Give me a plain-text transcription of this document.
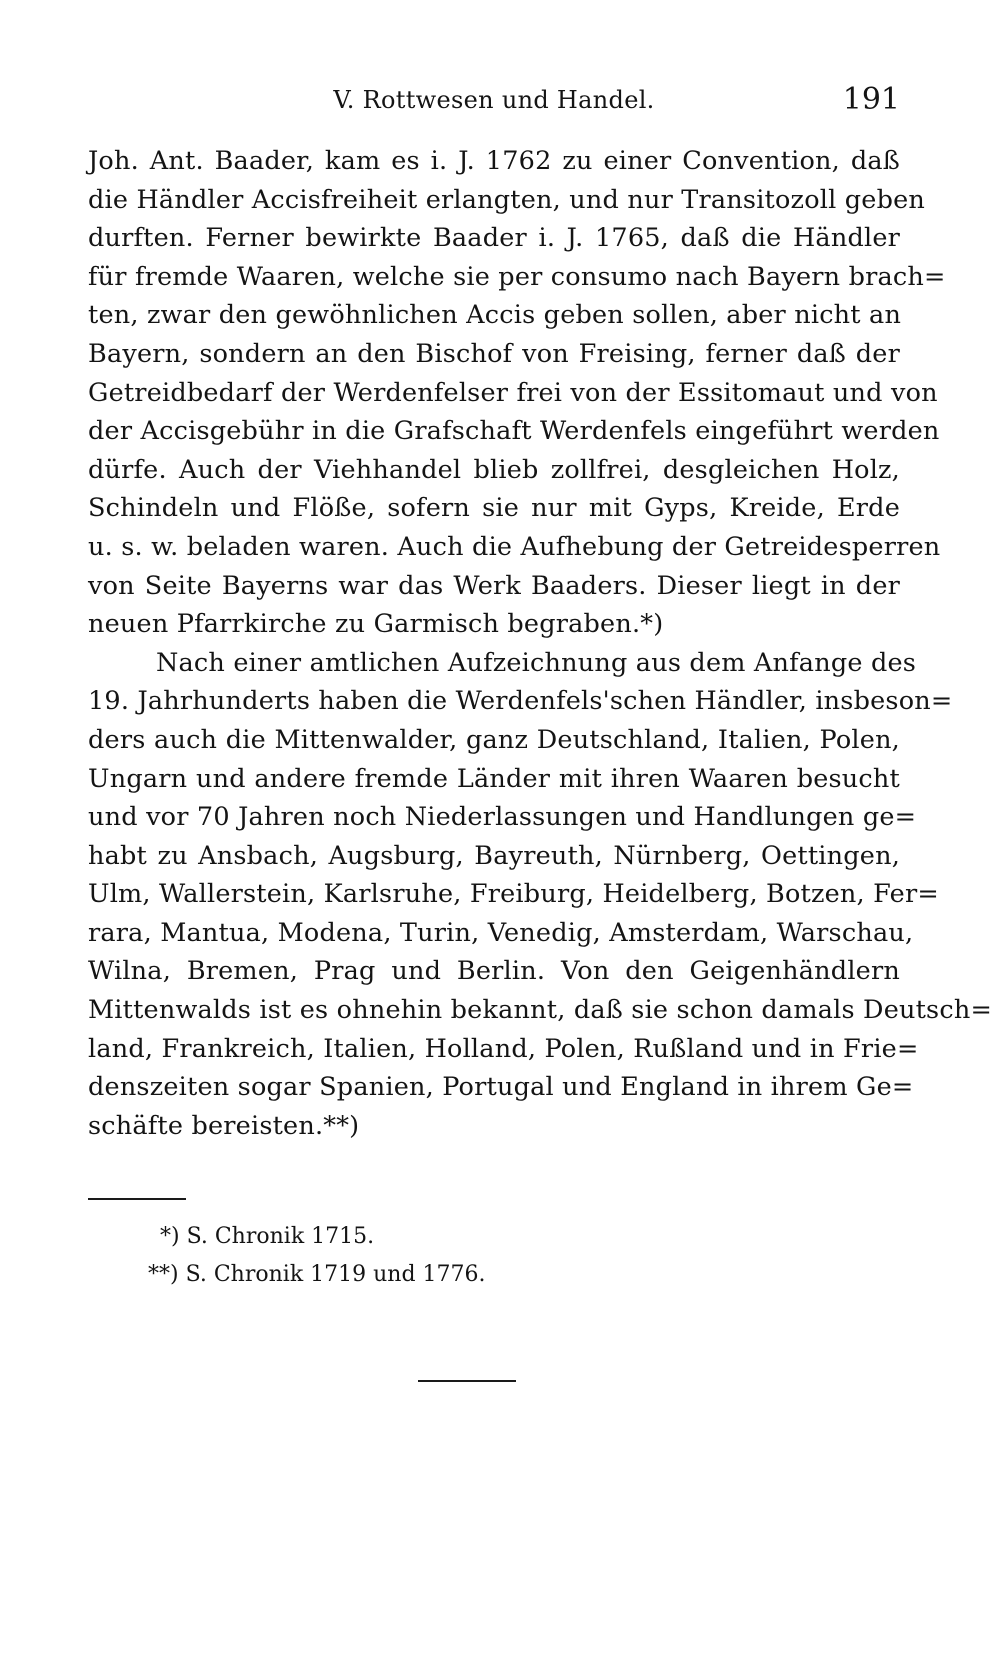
V. Rottwesen und Handel.	191
Joh. Ant. Baader, kam es i. J. 1762 zu einer Convention, daß
die Händler Accisfreiheit erlangten, und nur Transitozoll geben
durften. Ferner bewirkte Baader i. J. 1765, daß die Händler
für fremde Waaren, welche sie per consumo nach Bayern brach=
ten, zwar den gewöhnlichen Accis geben sollen, aber nicht an
Bayern, sondern an den Bischof von Freising, ferner daß der
Getreidbedarf der Werdenfelser frei von der Essitomaut und von
der Accisgebühr in die Grafschaft Werdenfels eingeführt werden
dürfe. Auch der Viehhandel blieb zollfrei, desgleichen Holz,
Schindeln und Flöße, sofern sie nur mit Gyps, Kreide, Erde
u. s. w. beladen waren. Auch die Aufhebung der Getreidesperren
von Seite Bayerns war das Werk Baaders. Dieser liegt in der
neuen Pfarrkirche zu Garmisch begraben.*)
Nach einer amtlichen Aufzeichnung aus dem Anfange des
19. Jahrhunderts haben die Werdenfels'schen Händler, insbeson=
ders auch die Mittenwalder, ganz Deutschland, Italien, Polen,
Ungarn und andere fremde Länder mit ihren Waaren besucht
und vor 70 Jahren noch Niederlassungen und Handlungen ge=
habt zu Ansbach, Augsburg, Bayreuth, Nürnberg, Oettingen,
Ulm, Wallerstein, Karlsruhe, Freiburg, Heidelberg, Botzen, Fer=
rara, Mantua, Modena, Turin, Venedig, Amsterdam, Warschau,
Wilna, Bremen, Prag und Berlin. Von den Geigenhändlern
Mittenwalds ist es ohnehin bekannt, daß sie schon damals Deutsch=
land, Frankreich, Italien, Holland, Polen, Rußland und in Frie=
denszeiten sogar Spanien, Portugal und England in ihrem Ge=
schäfte bereisten.**)
*) S. Chronik 1715.
**) S. Chronik 1719 und 1776.
